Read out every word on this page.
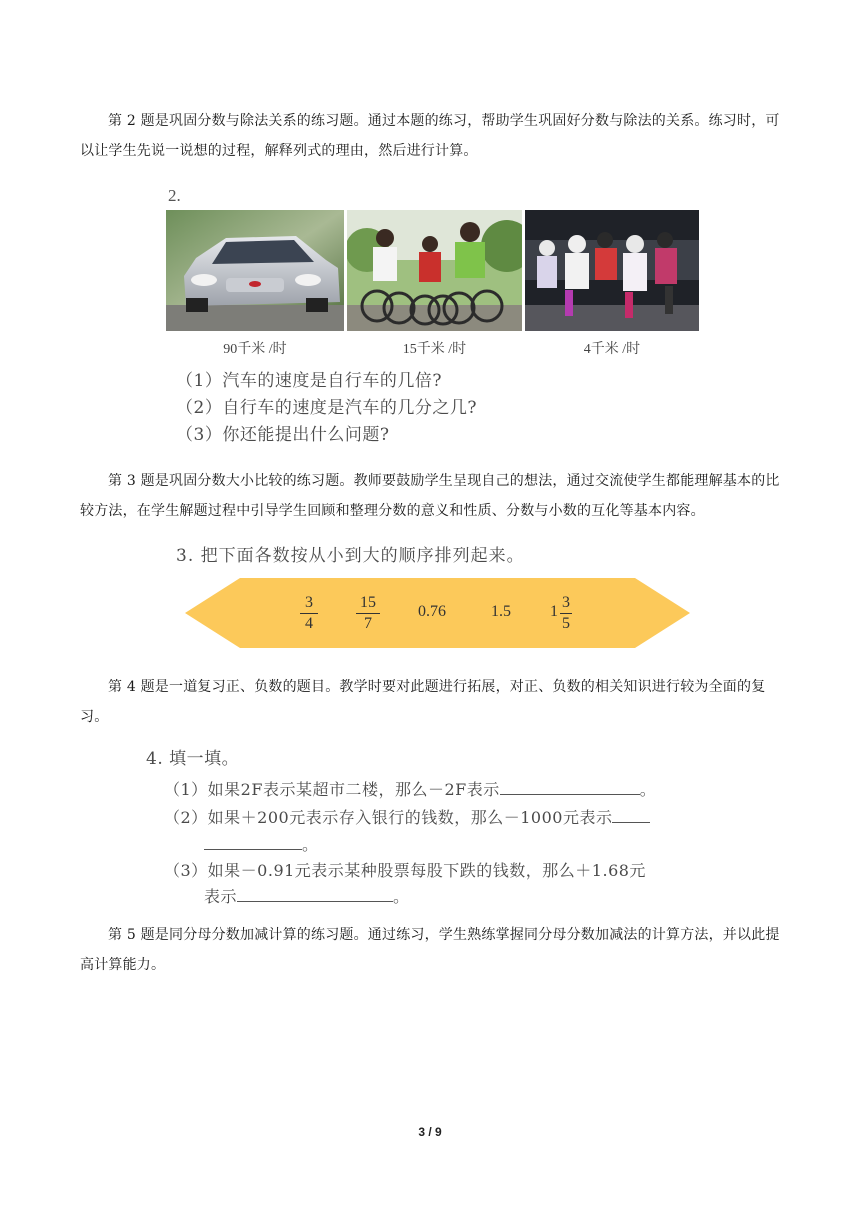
第 2 题是巩固分数与除法关系的练习题。通过本题的练习，帮助学生巩固好分数与除法的关系。练习时，可以让学生先说一说想的过程，解释列式的理由，然后进行计算。

2.
90千米 /时	15千米 /时	4千米 /时
（1）汽车的速度是自行车的几倍?
（2）自行车的速度是汽车的几分之几?
（3）你还能提出什么问题?

第 3 题是巩固分数大小比较的练习题。教师要鼓励学生呈现自己的想法，通过交流使学生都能理解基本的比较方法，在学生解题过程中引导学生回顾和整理分数的意义和性质、分数与小数的互化等基本内容。

3. 把下面各数按从小到大的顺序排列起来。
3
4
15
7
0.76	1.5 1
3
5

第 4 题是一道复习正、负数的题目。教学时要对此题进行拓展，对正、负数的相关知识进行较为全面的复习。

4. 填一填。
（1）如果2F表示某超市二楼，那么－2F表示	。
（2）如果＋200元表示存入银行的钱数，那么－1000元表示
。
（3）如果－0.91元表示某种股票每股下跌的钱数，那么＋1.68元
表示	。

第 5 题是同分母分数加减计算的练习题。通过练习，学生熟练掌握同分母分数加减法的计算方法，并以此提高计算能力。

3 / 9
